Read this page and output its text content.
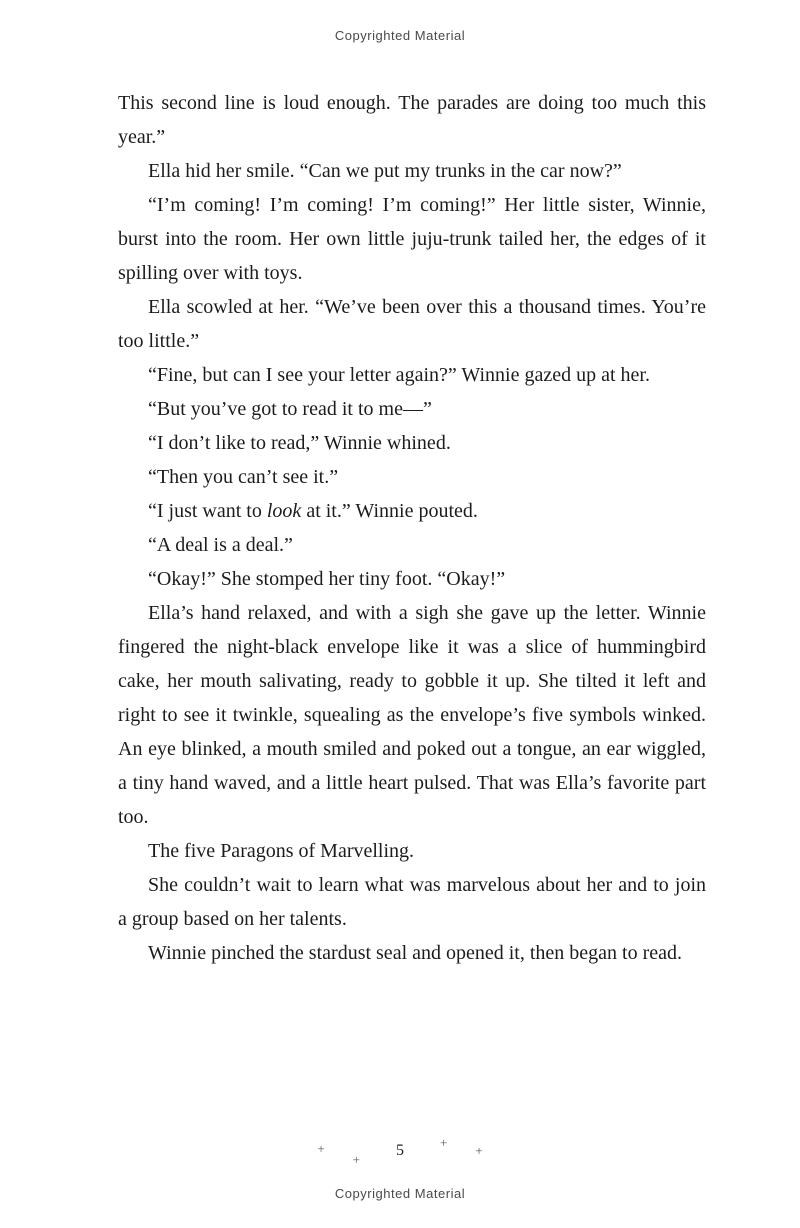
Copyrighted Material

This second line is loud enough. The parades are doing too much this year.”

Ella hid her smile. “Can we put my trunks in the car now?”

“I’m coming! I’m coming! I’m coming!” Her little sister, Winnie, burst into the room. Her own little juju-trunk tailed her, the edges of it spilling over with toys.

Ella scowled at her. “We’ve been over this a thousand times. You’re too little.”

“Fine, but can I see your letter again?” Winnie gazed up at her.

“But you’ve got to read it to me—”

“I don’t like to read,” Winnie whined.

“Then you can’t see it.”

“I just want to look at it.” Winnie pouted.

“A deal is a deal.”

“Okay!” She stomped her tiny foot. “Okay!”

Ella’s hand relaxed, and with a sigh she gave up the letter. Winnie fingered the night-black envelope like it was a slice of hummingbird cake, her mouth salivating, ready to gobble it up. She tilted it left and right to see it twinkle, squealing as the envelope’s five symbols winked. An eye blinked, a mouth smiled and poked out a tongue, an ear wiggled, a tiny hand waved, and a little heart pulsed. That was Ella’s favorite part too.

The five Paragons of Marvelling.

She couldn’t wait to learn what was marvelous about her and to join a group based on her talents.

Winnie pinched the stardust seal and opened it, then began to read.

+ + 5	+ +
Copyrighted Material
